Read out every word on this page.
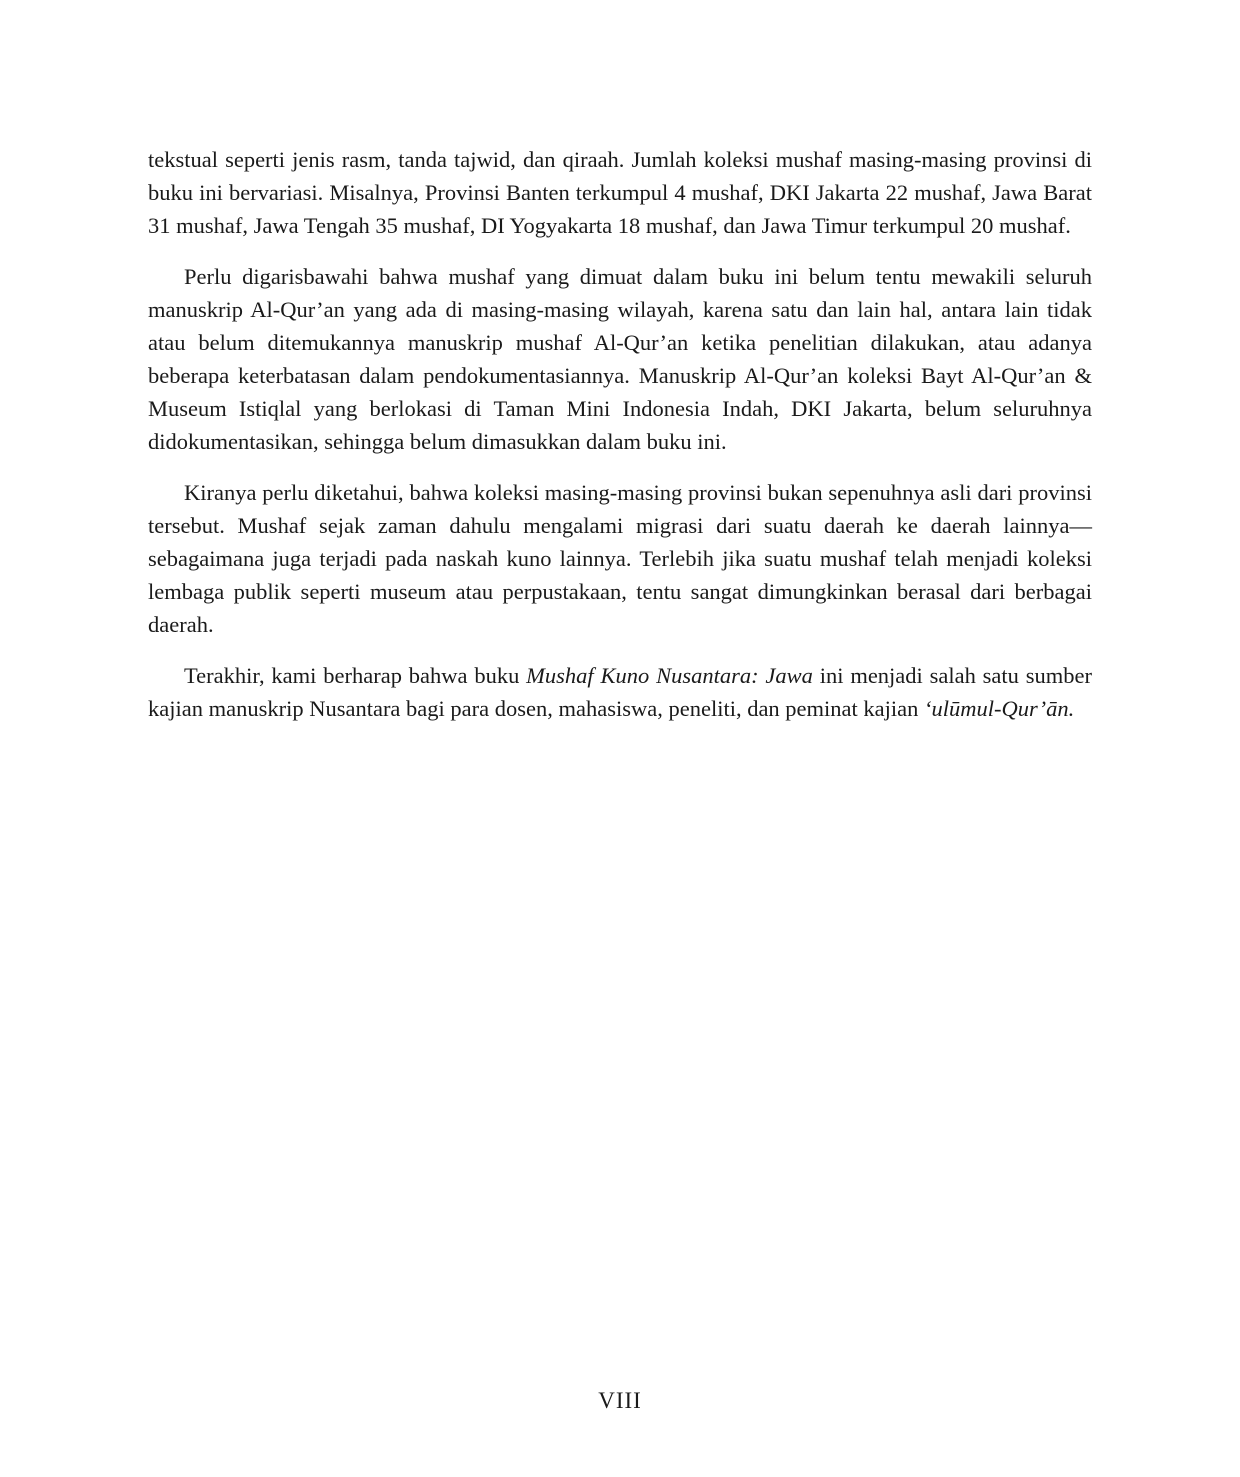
tekstual seperti jenis rasm, tanda tajwid, dan qiraah. Jumlah koleksi mushaf masing-masing provinsi di buku ini bervariasi. Misalnya, Provinsi Banten terkumpul 4 mushaf, DKI Jakarta 22 mushaf, Jawa Barat 31 mushaf, Jawa Tengah 35 mushaf, DI Yogyakarta 18 mushaf, dan Jawa Timur terkumpul 20 mushaf.

Perlu digarisbawahi bahwa mushaf yang dimuat dalam buku ini belum tentu mewakili seluruh manuskrip Al-Qur’an yang ada di masing-masing wilayah, karena satu dan lain hal, antara lain tidak atau belum ditemukannya manuskrip mushaf Al-Qur’an ketika penelitian dilakukan, atau adanya beberapa keterbatasan dalam pendokumentasiannya. Manuskrip Al-Qur’an koleksi Bayt Al-Qur’an & Museum Istiqlal yang berlokasi di Taman Mini Indonesia Indah, DKI Jakarta, belum seluruhnya didokumentasikan, sehingga belum dimasukkan dalam buku ini.

Kiranya perlu diketahui, bahwa koleksi masing-masing provinsi bukan sepenuhnya asli dari provinsi tersebut. Mushaf sejak zaman dahulu mengalami migrasi dari suatu daerah ke daerah lainnya—sebagaimana juga terjadi pada naskah kuno lainnya. Terlebih jika suatu mushaf telah menjadi koleksi lembaga publik seperti museum atau perpustakaan, tentu sangat dimungkinkan berasal dari berbagai daerah.

Terakhir, kami berharap bahwa buku Mushaf Kuno Nusantara: Jawa ini menjadi salah satu sumber kajian manuskrip Nusantara bagi para dosen, mahasiswa, peneliti, dan peminat kajian ‘ulūmul-Qur’ān.

VIII
